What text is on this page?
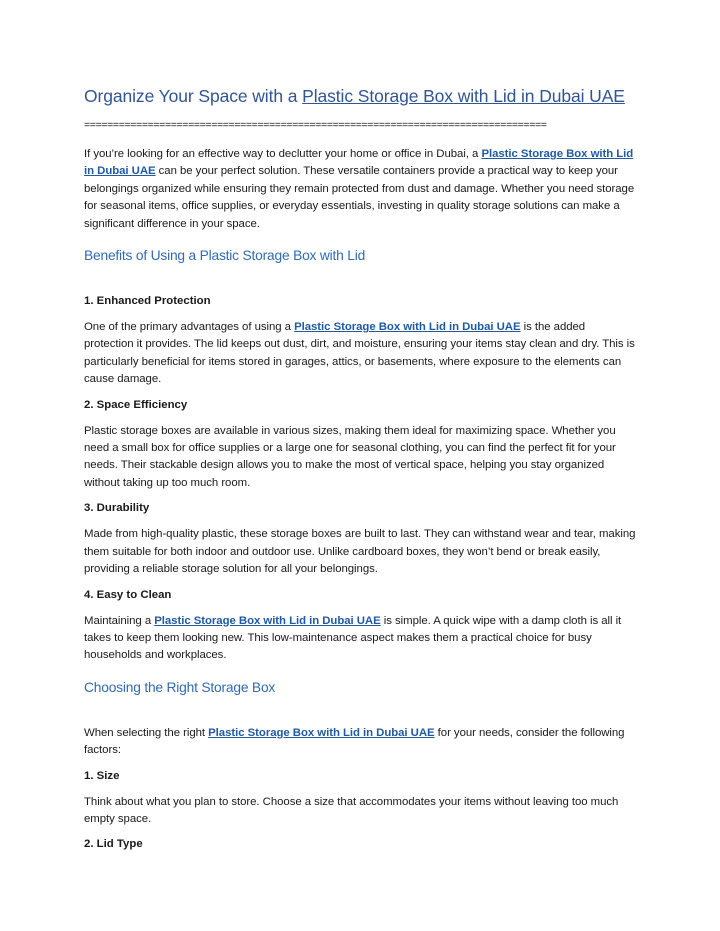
Organize Your Space with a Plastic Storage Box with Lid in Dubai UAE
================================================================================

If you’re looking for an effective way to declutter your home or office in Dubai, a Plastic Storage Box with Lid in Dubai UAE can be your perfect solution. These versatile containers provide a practical way to keep your belongings organized while ensuring they remain protected from dust and damage. Whether you need storage for seasonal items, office supplies, or everyday essentials, investing in quality storage solutions can make a significant difference in your space.

Benefits of Using a Plastic Storage Box with Lid
1. Enhanced Protection

One of the primary advantages of using a Plastic Storage Box with Lid in Dubai UAE is the added protection it provides. The lid keeps out dust, dirt, and moisture, ensuring your items stay clean and dry. This is particularly beneficial for items stored in garages, attics, or basements, where exposure to the elements can cause damage.

2. Space Efficiency

Plastic storage boxes are available in various sizes, making them ideal for maximizing space. Whether you need a small box for office supplies or a large one for seasonal clothing, you can find the perfect fit for your needs. Their stackable design allows you to make the most of vertical space, helping you stay organized without taking up too much room.

3. Durability

Made from high-quality plastic, these storage boxes are built to last. They can withstand wear and tear, making them suitable for both indoor and outdoor use. Unlike cardboard boxes, they won’t bend or break easily, providing a reliable storage solution for all your belongings.

4. Easy to Clean

Maintaining a Plastic Storage Box with Lid in Dubai UAE is simple. A quick wipe with a damp cloth is all it takes to keep them looking new. This low-maintenance aspect makes them a practical choice for busy households and workplaces.

Choosing the Right Storage Box

When selecting the right Plastic Storage Box with Lid in Dubai UAE for your needs, consider the following factors:

1. Size

Think about what you plan to store. Choose a size that accommodates your items without leaving too much empty space.

2. Lid Type
